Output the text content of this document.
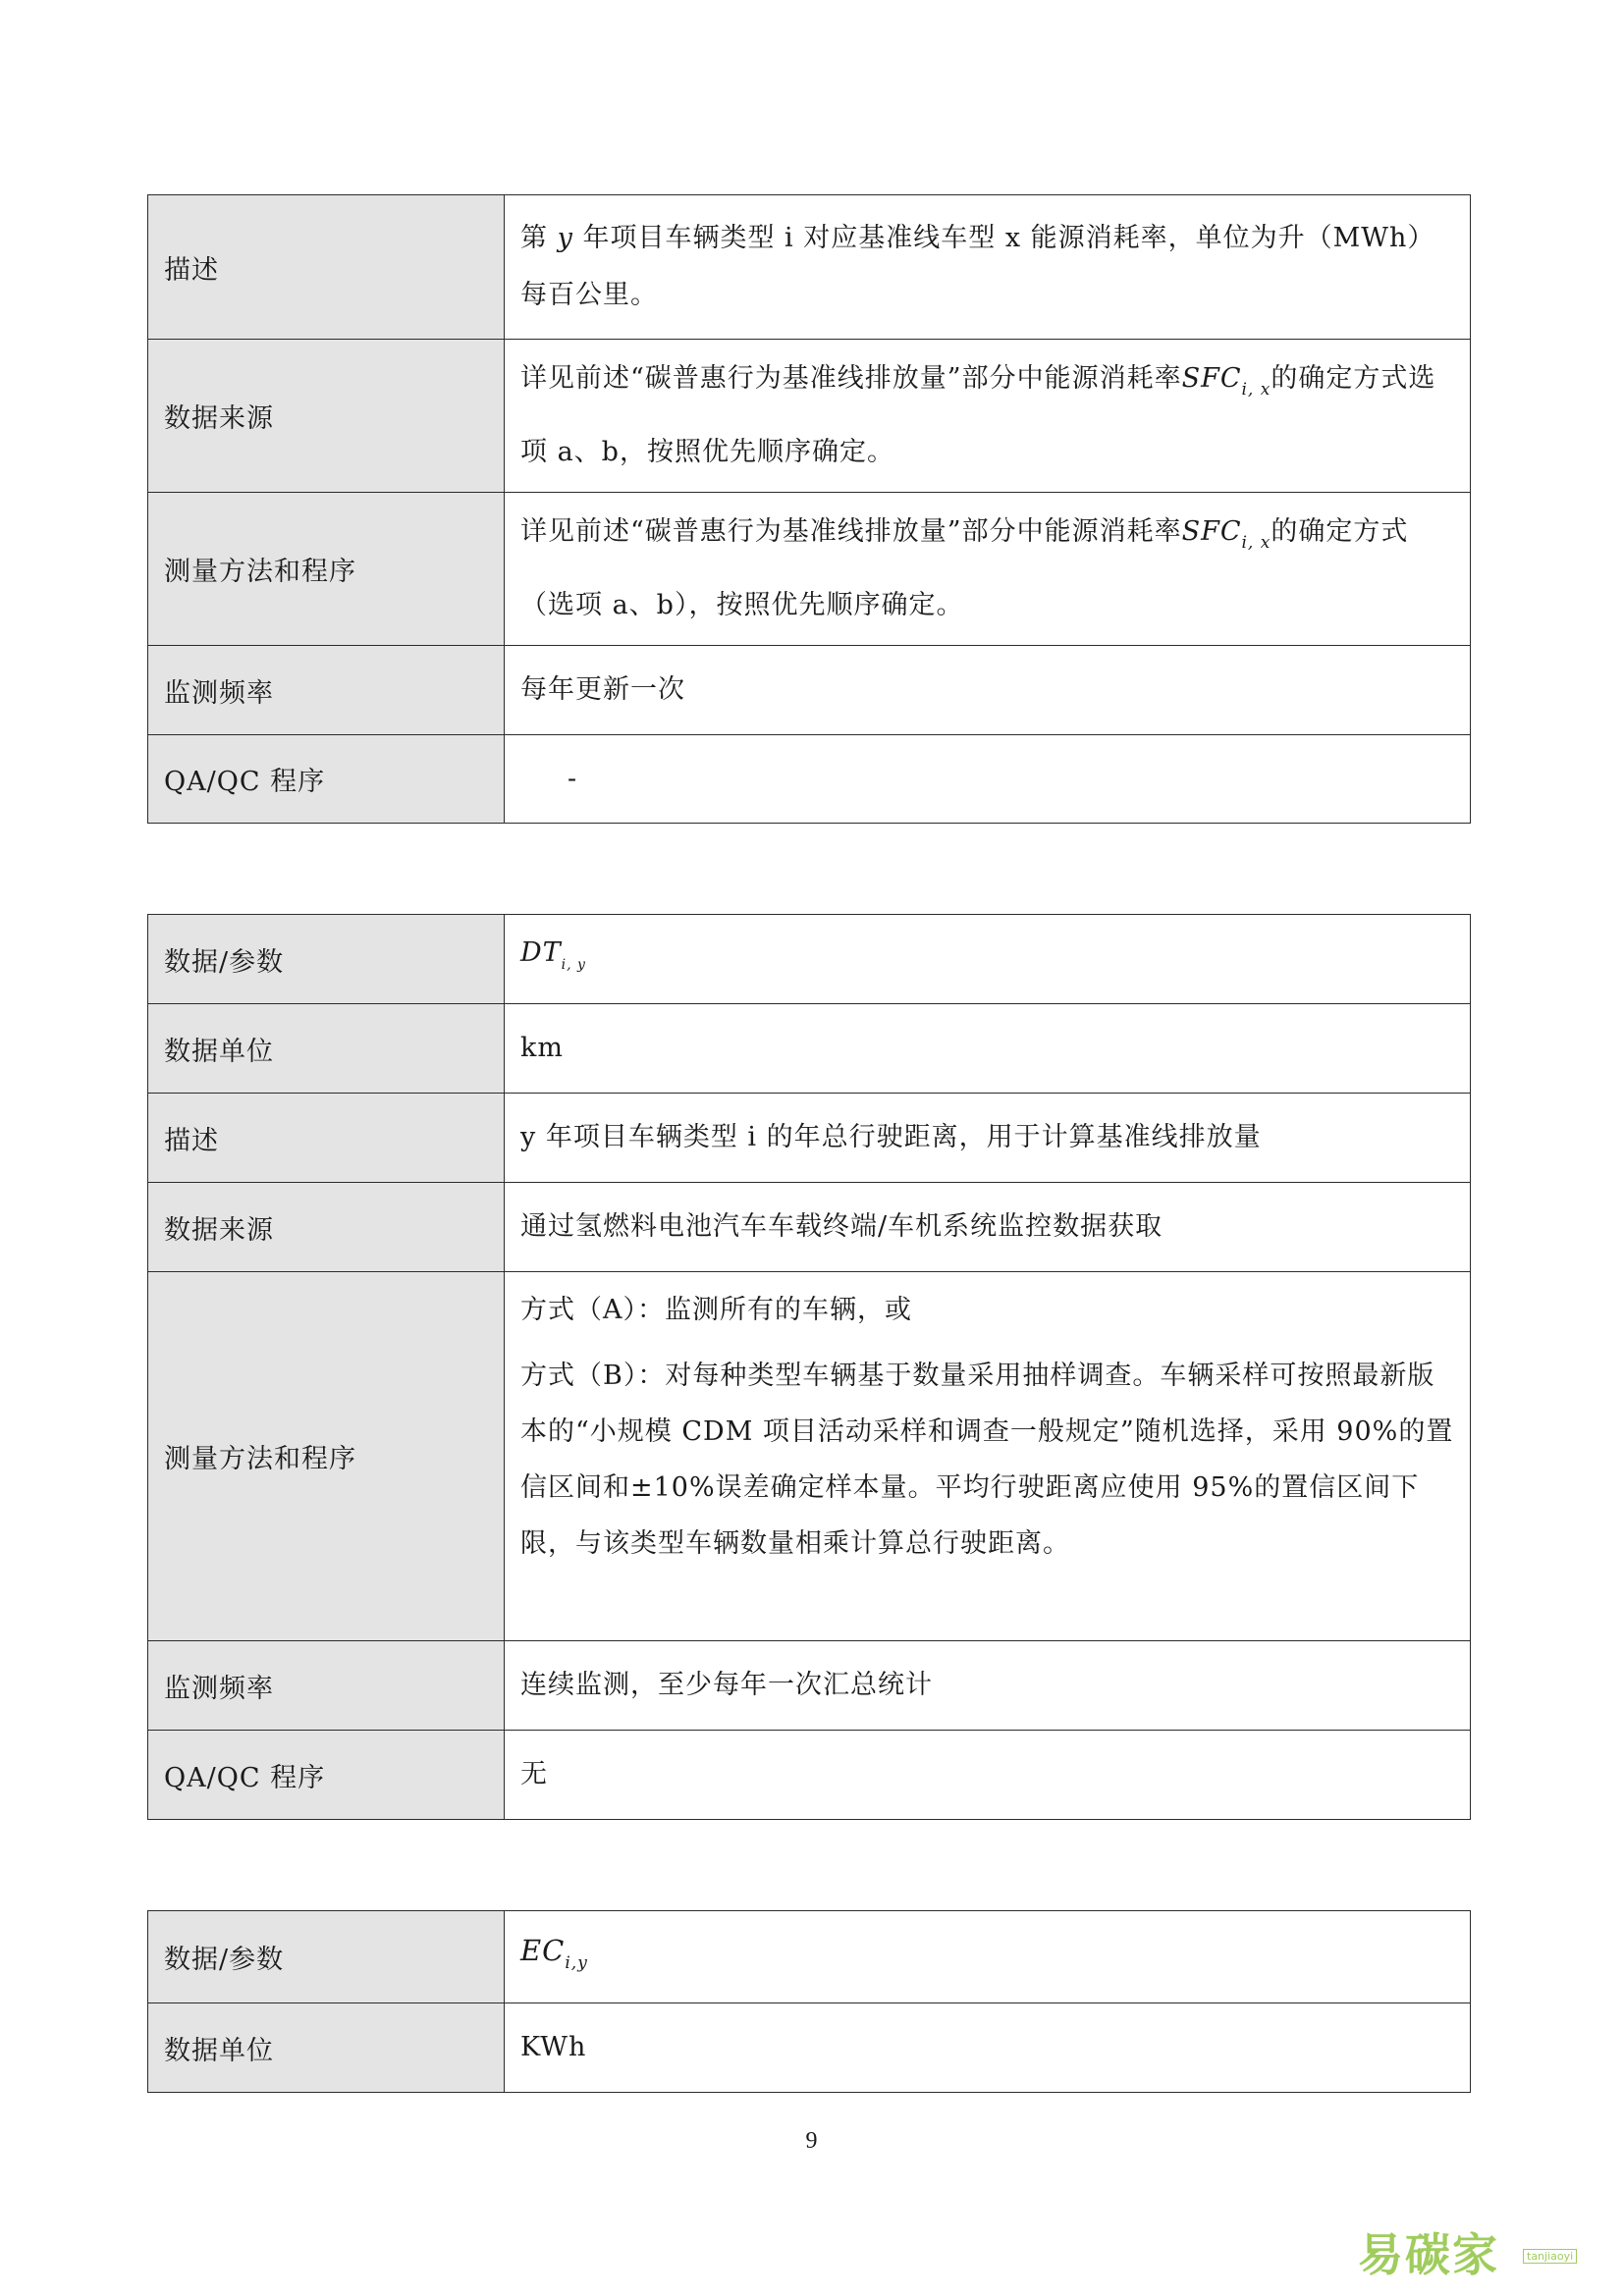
描述	第 y 年项目车辆类型 i 对应基准线车型 x 能源消耗率，单位为升（MWh）每百公里。
数据来源	详见前述“碳普惠行为基准线排放量”部分中能源消耗率$SFC_{i, x}$的确定方式选项 a、b，按照优先顺序确定。
测量方法和程序	详见前述“碳普惠行为基准线排放量”部分中能源消耗率$SFC_{i, x}$的确定方式（选项 a、b），按照优先顺序确定。
监测频率	每年更新一次
QA/QC 程序	-
数据/参数	$DT_{i, y}$
数据单位	km
描述	y 年项目车辆类型 i 的年总行驶距离，用于计算基准线排放量
数据来源	通过氢燃料电池汽车车载终端/车机系统监控数据获取
测量方法和程序	方式（A）：监测所有的车辆，或

方式（B）：对每种类型车辆基于数量采用抽样调查。车辆采样可按照最新版本的“小规模 CDM 项目活动采样和调查一般规定”随机选择，采用 90%的置信区间和±10%误差确定样本量。平均行驶距离应使用 95%的置信区间下限，与该类型车辆数量相乘计算总行驶距离。

监测频率	连续监测，至少每年一次汇总统计
QA/QC 程序	无
数据/参数	$EC_{i,y}$
数据单位	KWh
9
易碳家	tanjiaoyi
